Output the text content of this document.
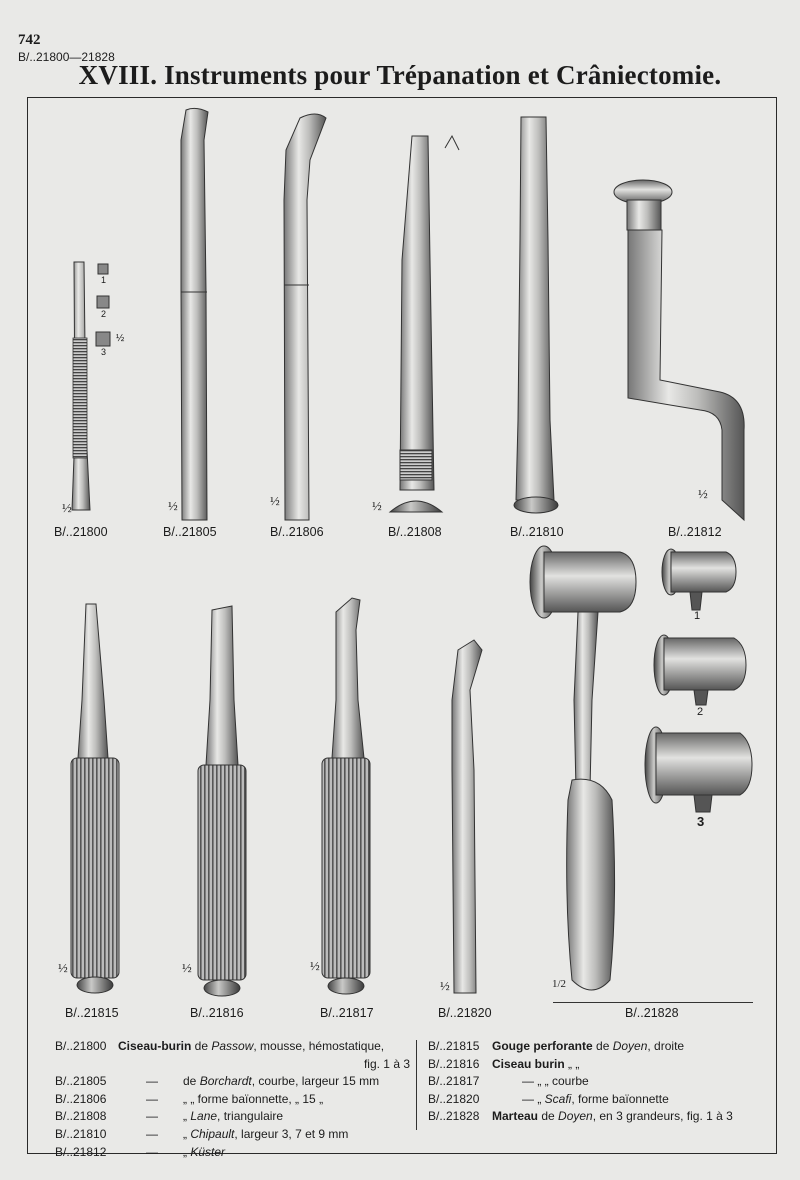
742
B/..21800—21828
XVIII. Instruments pour Trépanation et Crâniectomie.
1
2
3
½
1
2
3
½	½	½	½
½
B/..21800	B/..21805	B/..21806	B/..21808	B/..21810	B/..21812
½	½	½
½	1/2
B/..21815	B/..21816	B/..21817	B/..21820	B/..21828
B/..21800 Ciseau-burin de Passow, mousse, hémostatique,
fig. 1 à 3
B/..21805	— de Borchardt, courbe, largeur 15 mm
B/..21806	— „ „ forme baïonnette, „ 15 „
B/..21808	— „ Lane, triangulaire
B/..21810	— „ Chipault, largeur 3, 7 et 9 mm
B/..21812	— „ Küster
B/..21815 Gouge perforante de Doyen, droite
B/..21816 Ciseau burin „ „
B/..21817	— „ „ courbe
B/..21820	— „ Scafi, forme baïonnette
B/..21828 Marteau de Doyen, en 3 grandeurs, fig. 1 à 3
